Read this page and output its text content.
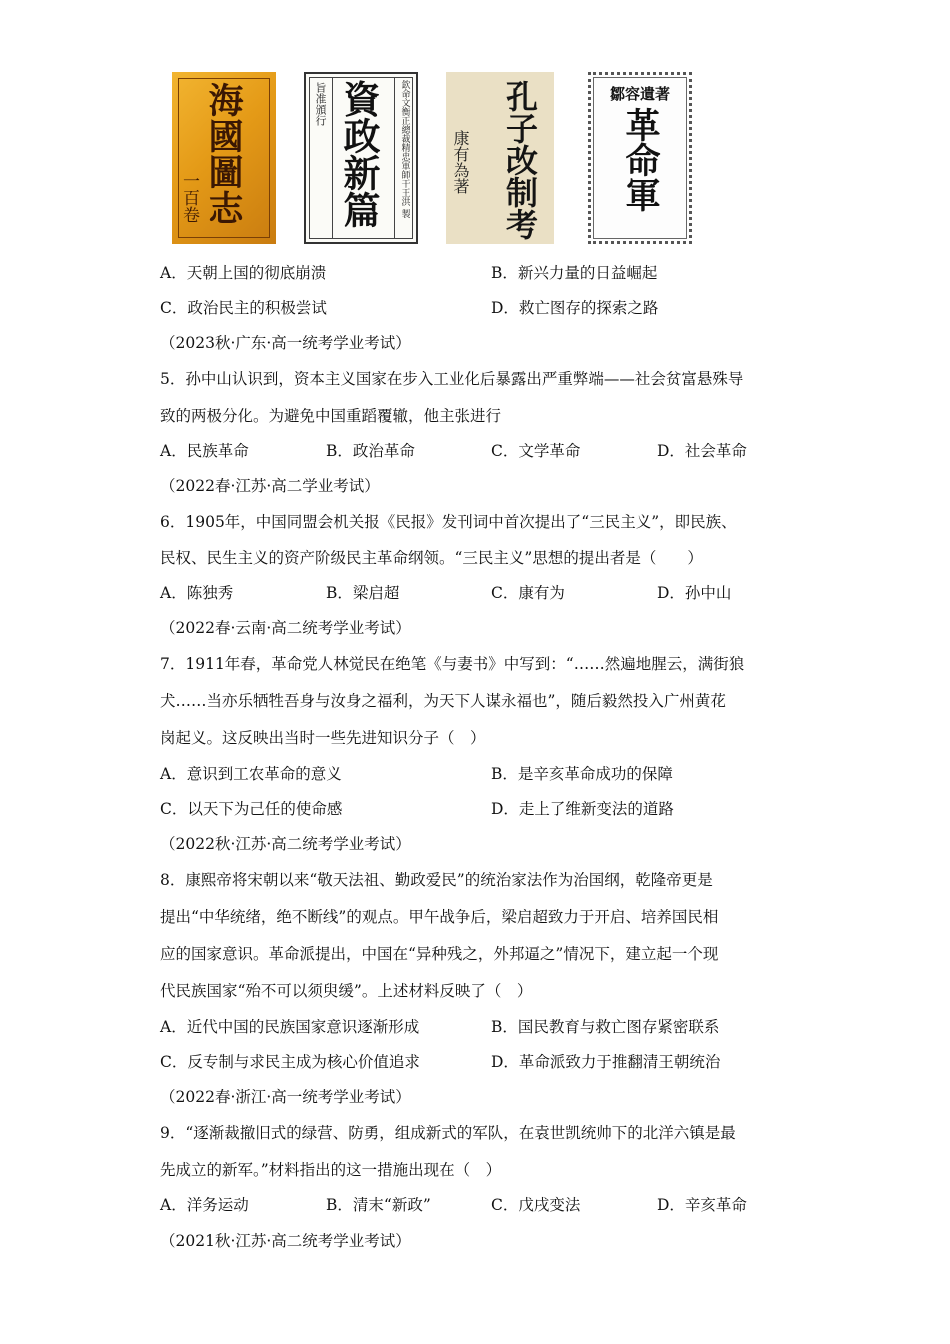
海國圖志
一百卷
旨准頒行 資政新篇 欽命文衡正總裁精忠軍師干王洪 製	孔子改制考
康有為著
鄒容遺著
革命軍
A．天朝上国的彻底崩溃	B．新兴力量的日益崛起
C．政治民主的积极尝试	D．救亡图存的探索之路
（2023秋·广东·高一统考学业考试）
5．孙中山认识到，资本主义国家在步入工业化后暴露出严重弊端——社会贫富悬殊导
致的两极分化。为避免中国重蹈覆辙，他主张进行
A．民族革命	B．政治革命	C．文学革命	D．社会革命
（2022春·江苏·高二学业考试）
6．1905年，中国同盟会机关报《民报》发刊词中首次提出了“三民主义”，即民族、
民权、民生主义的资产阶级民主革命纲领。“三民主义”思想的提出者是（　　）
A．陈独秀	B．梁启超	C．康有为	D．孙中山
（2022春·云南·高二统考学业考试）
7．1911年春，革命党人林觉民在绝笔《与妻书》中写到：“……然遍地腥云，满街狼
犬……当亦乐牺牲吾身与汝身之福利，为天下人谋永福也”，随后毅然投入广州黄花
岗起义。这反映出当时一些先进知识分子（　）
A．意识到工农革命的意义	B．是辛亥革命成功的保障
C．以天下为己任的使命感	D．走上了维新变法的道路
（2022秋·江苏·高二统考学业考试）
8．康熙帝将宋朝以来“敬天法祖、勤政爱民”的统治家法作为治国纲，乾隆帝更是
提出“中华统绪，绝不断线”的观点。甲午战争后，梁启超致力于开启、培养国民相
应的国家意识。革命派提出，中国在“异种残之，外邦逼之”情况下，建立起一个现
代民族国家“殆不可以须臾缓”。上述材料反映了（　）
A．近代中国的民族国家意识逐渐形成	B．国民教育与救亡图存紧密联系
C．反专制与求民主成为核心价值追求	D．革命派致力于推翻清王朝统治
（2022春·浙江·高一统考学业考试）
9．“逐渐裁撤旧式的绿营、防勇，组成新式的军队，在袁世凯统帅下的北洋六镇是最
先成立的新军。”材料指出的这一措施出现在（　）
A．洋务运动	B．清末“新政”	C．戊戌变法	D．辛亥革命
（2021秋·江苏·高二统考学业考试）
